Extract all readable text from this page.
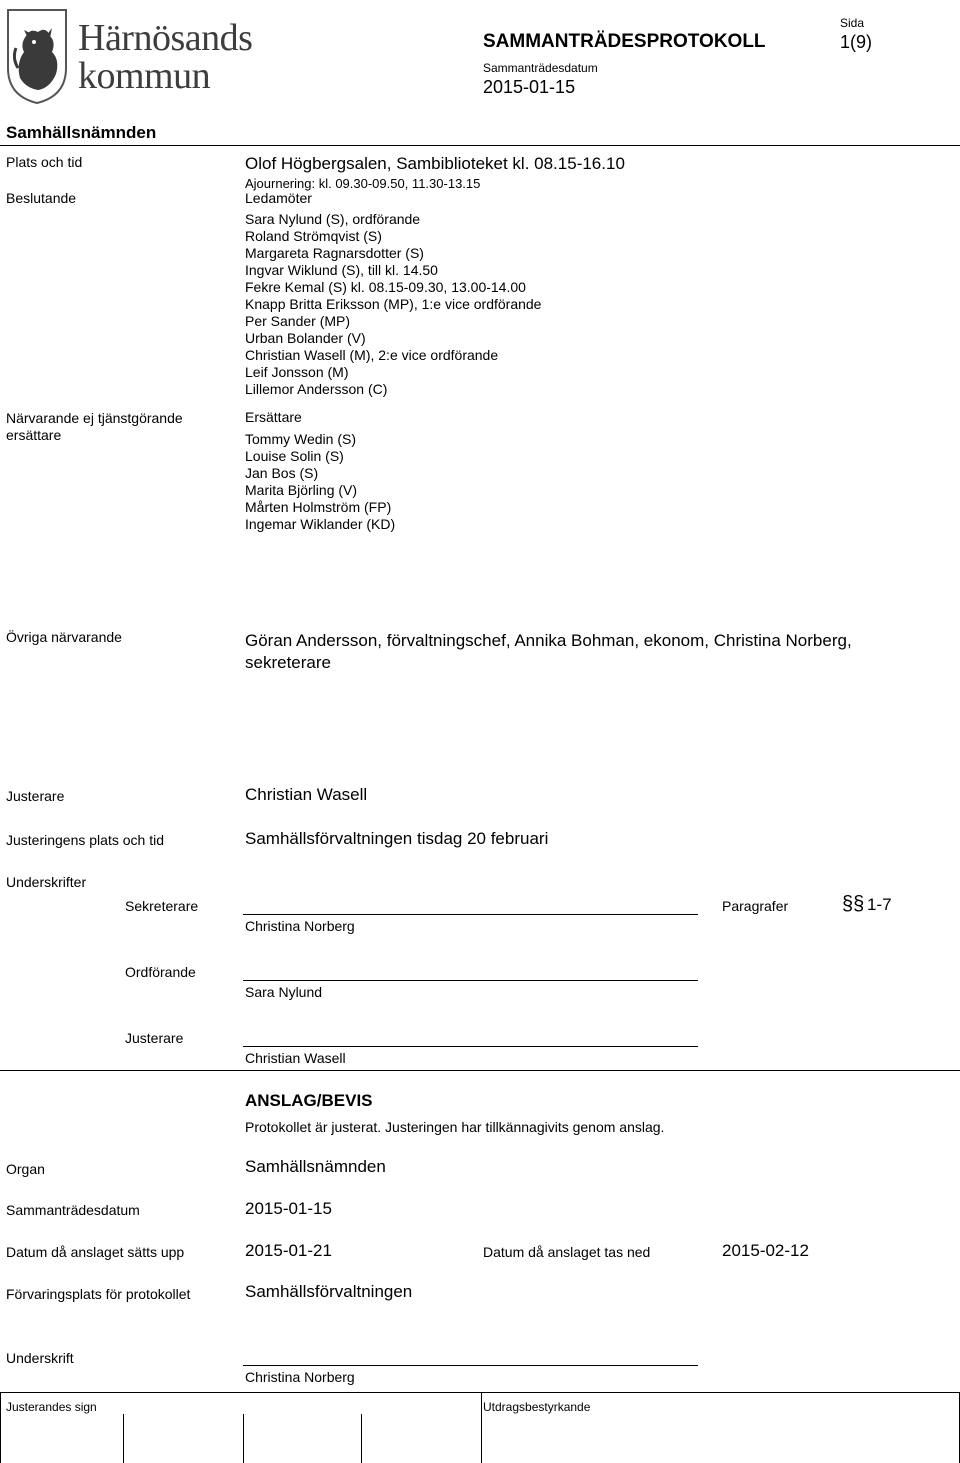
Härnösands
kommun
SAMMANTRÄDESPROTOKOLL
Sammanträdesdatum
2015-01-15
Sida
1(9)
Samhällsnämnden
Plats och tid	Olof Högbergsalen, Sambiblioteket kl. 08.15-16.10
Ajournering: kl. 09.30-09.50, 11.30-13.15
Beslutande	Ledamöter
Sara Nylund (S), ordförande
Roland Strömqvist (S)
Margareta Ragnarsdotter (S)
Ingvar Wiklund (S), till kl. 14.50
Fekre Kemal (S) kl. 08.15-09.30, 13.00-14.00
Knapp Britta Eriksson (MP), 1:e vice ordförande
Per Sander (MP)
Urban Bolander (V)
Christian Wasell (M), 2:e vice ordförande
Leif Jonsson (M)
Lillemor Andersson (C)
Närvarande ej tjänstgörande
ersättare
Ersättare
Tommy Wedin (S)
Louise Solin (S)
Jan Bos (S)
Marita Björling (V)
Mårten Holmström (FP)
Ingemar Wiklander (KD)
Övriga närvarande	Göran Andersson, förvaltningschef, Annika Bohman, ekonom, Christina Norberg,
sekreterare
Justerare	Christian Wasell
Justeringens plats och tid	Samhällsförvaltningen tisdag 20 februari
Underskrifter
Sekreterare
Christina Norberg
Paragrafer	§§ 1-7
Ordförande
Sara Nylund
Justerare
Christian Wasell
ANSLAG/BEVIS
Protokollet är justerat. Justeringen har tillkännagivits genom anslag.
Organ	Samhällsnämnden
Sammanträdesdatum	2015-01-15
Datum då anslaget sätts upp	2015-01-21	Datum då anslaget tas ned	2015-02-12
Förvaringsplats för protokollet	Samhällsförvaltningen
Underskrift
Christina Norberg
Justerandes sign	Utdragsbestyrkande
